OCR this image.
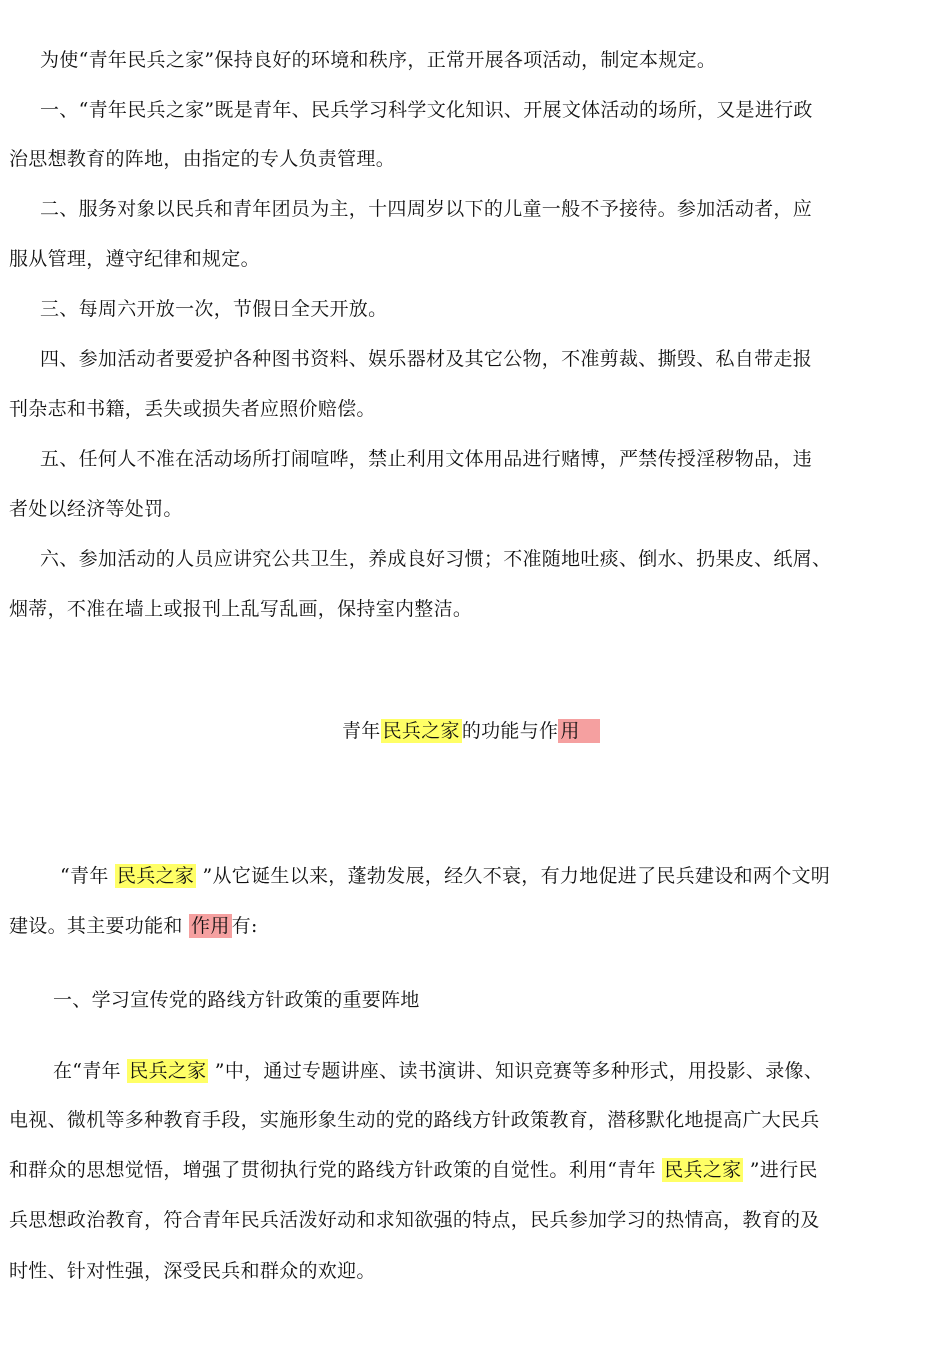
为使“青年民兵之家”保持良好的环境和秩序，正常开展各项活动，制定本规定。
一、“青年民兵之家”既是青年、民兵学习科学文化知识、开展文体活动的场所，又是进行政
治思想教育的阵地，由指定的专人负责管理。
二、服务对象以民兵和青年团员为主，十四周岁以下的儿童一般不予接待。参加活动者，应
服从管理，遵守纪律和规定。
三、每周六开放一次，节假日全天开放。
四、参加活动者要爱护各种图书资料、娱乐器材及其它公物，不准剪裁、撕毁、私自带走报
刊杂志和书籍，丢失或损失者应照价赔偿。
五、任何人不准在活动场所打闹喧哗，禁止利用文体用品进行赌博，严禁传授淫秽物品，违
者处以经济等处罚。
六、参加活动的人员应讲究公共卫生，养成良好习惯；不准随地吐痰、倒水、扔果皮、纸屑、
烟蒂，不准在墙上或报刊上乱写乱画，保持室内整洁。
青年 民兵之家 的功能与作 用
“青年 民兵之家 ”从它诞生以来，蓬勃发展，经久不衰，有力地促进了民兵建设和两个文明
建设。其主要功能和 作用 有:
一、学习宣传党的路线方针政策的重要阵地
在“青年 民兵之家 ”中，通过专题讲座、读书演讲、知识竞赛等多种形式，用投影、录像、
电视、微机等多种教育手段，实施形象生动的党的路线方针政策教育，潜移默化地提高广大民兵
和群众的思想觉悟，增强了贯彻执行党的路线方针政策的自觉性。利用“青年 民兵之家 ”进行民
兵思想政治教育，符合青年民兵活泼好动和求知欲强的特点，民兵参加学习的热情高，教育的及
时性、针对性强，深受民兵和群众的欢迎。
